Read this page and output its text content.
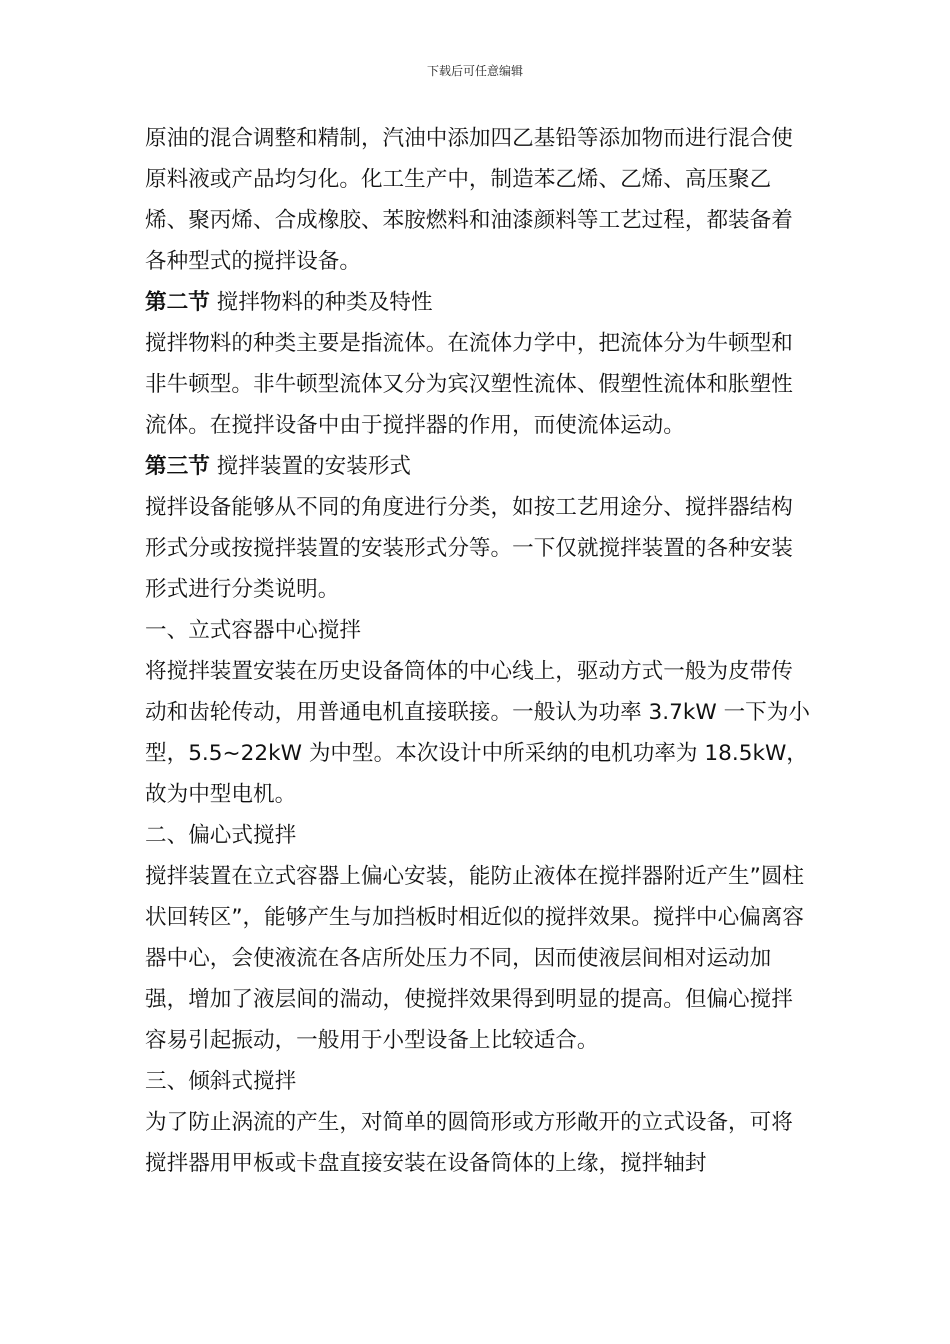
下载后可任意编辑

原油的混合调整和精制，汽油中添加四乙基铅等添加物而进行混合使原料液或产品均匀化。化工生产中，制造苯乙烯、乙烯、高压聚乙烯、聚丙烯、合成橡胶、苯胺燃料和油漆颜料等工艺过程，都装备着各种型式的搅拌设备。

第二节 搅拌物料的种类及特性

搅拌物料的种类主要是指流体。在流体力学中，把流体分为牛顿型和非牛顿型。非牛顿型流体又分为宾汉塑性流体、假塑性流体和胀塑性流体。在搅拌设备中由于搅拌器的作用，而使流体运动。

第三节 搅拌装置的安装形式

搅拌设备能够从不同的角度进行分类，如按工艺用途分、搅拌器结构形式分或按搅拌装置的安装形式分等。一下仅就搅拌装置的各种安装形式进行分类说明。

一、立式容器中心搅拌

将搅拌装置安装在历史设备筒体的中心线上，驱动方式一般为皮带传动和齿轮传动，用普通电机直接联接。一般认为功率 3.7kW 一下为小型，5.5~22kW 为中型。本次设计中所采纳的电机功率为 18.5kW，故为中型电机。

二、偏心式搅拌

搅拌装置在立式容器上偏心安装，能防止液体在搅拌器附近产生”圆柱状回转区”，能够产生与加挡板时相近似的搅拌效果。搅拌中心偏离容器中心，会使液流在各店所处压力不同，因而使液层间相对运动加强，增加了液层间的湍动，使搅拌效果得到明显的提高。但偏心搅拌容易引起振动，一般用于小型设备上比较适合。

三、倾斜式搅拌

为了防止涡流的产生，对简单的圆筒形或方形敞开的立式设备，可将搅拌器用甲板或卡盘直接安装在设备筒体的上缘，搅拌轴封
